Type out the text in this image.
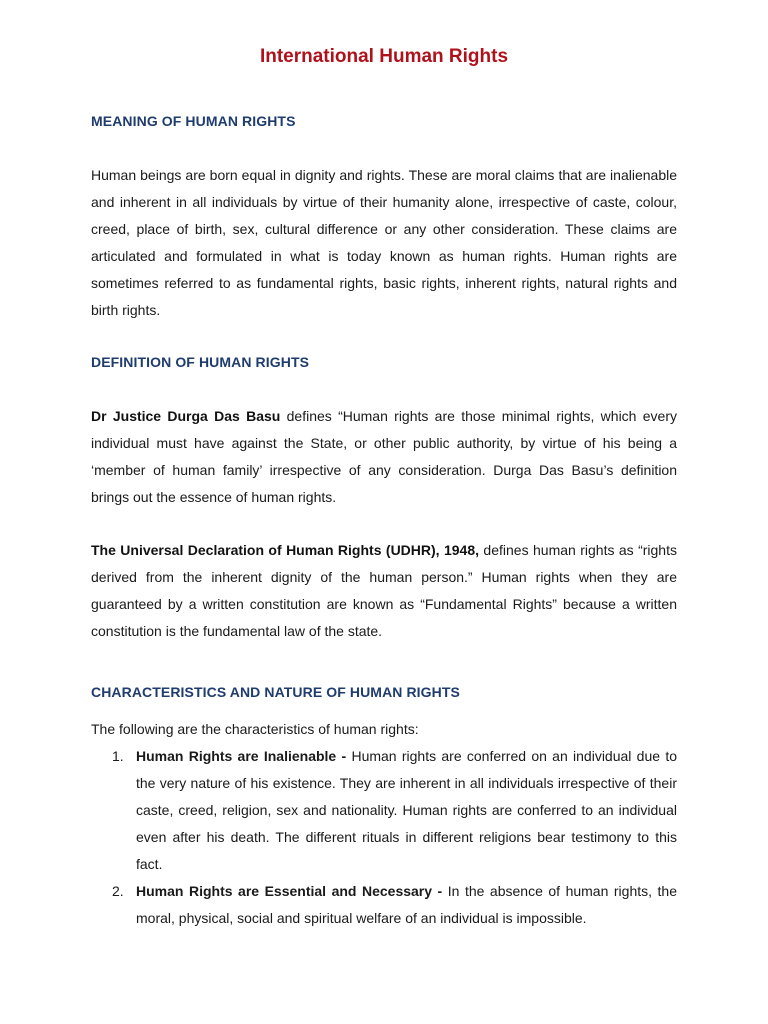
International Human Rights
MEANING OF HUMAN RIGHTS

Human beings are born equal in dignity and rights. These are moral claims that are inalienable and inherent in all individuals by virtue of their humanity alone, irrespective of caste, colour, creed, place of birth, sex, cultural difference or any other consideration. These claims are articulated and formulated in what is today known as human rights. Human rights are sometimes referred to as fundamental rights, basic rights, inherent rights, natural rights and birth rights.

DEFINITION OF HUMAN RIGHTS

Dr Justice Durga Das Basu defines “Human rights are those minimal rights, which every individual must have against the State, or other public authority, by virtue of his being a ‘member of human family’ irrespective of any consideration. Durga Das Basu’s definition brings out the essence of human rights.

The Universal Declaration of Human Rights (UDHR), 1948, defines human rights as “rights derived from the inherent dignity of the human person.” Human rights when they are guaranteed by a written constitution are known as “Fundamental Rights” because a written constitution is the fundamental law of the state.

CHARACTERISTICS AND NATURE OF HUMAN RIGHTS

The following are the characteristics of human rights:

1. Human Rights are Inalienable - Human rights are conferred on an individual due to the very nature of his existence. They are inherent in all individuals irrespective of their caste, creed, religion, sex and nationality. Human rights are conferred to an individual even after his death. The different rituals in different religions bear testimony to this fact.
2. Human Rights are Essential and Necessary - In the absence of human rights, the moral, physical, social and spiritual welfare of an individual is impossible.
